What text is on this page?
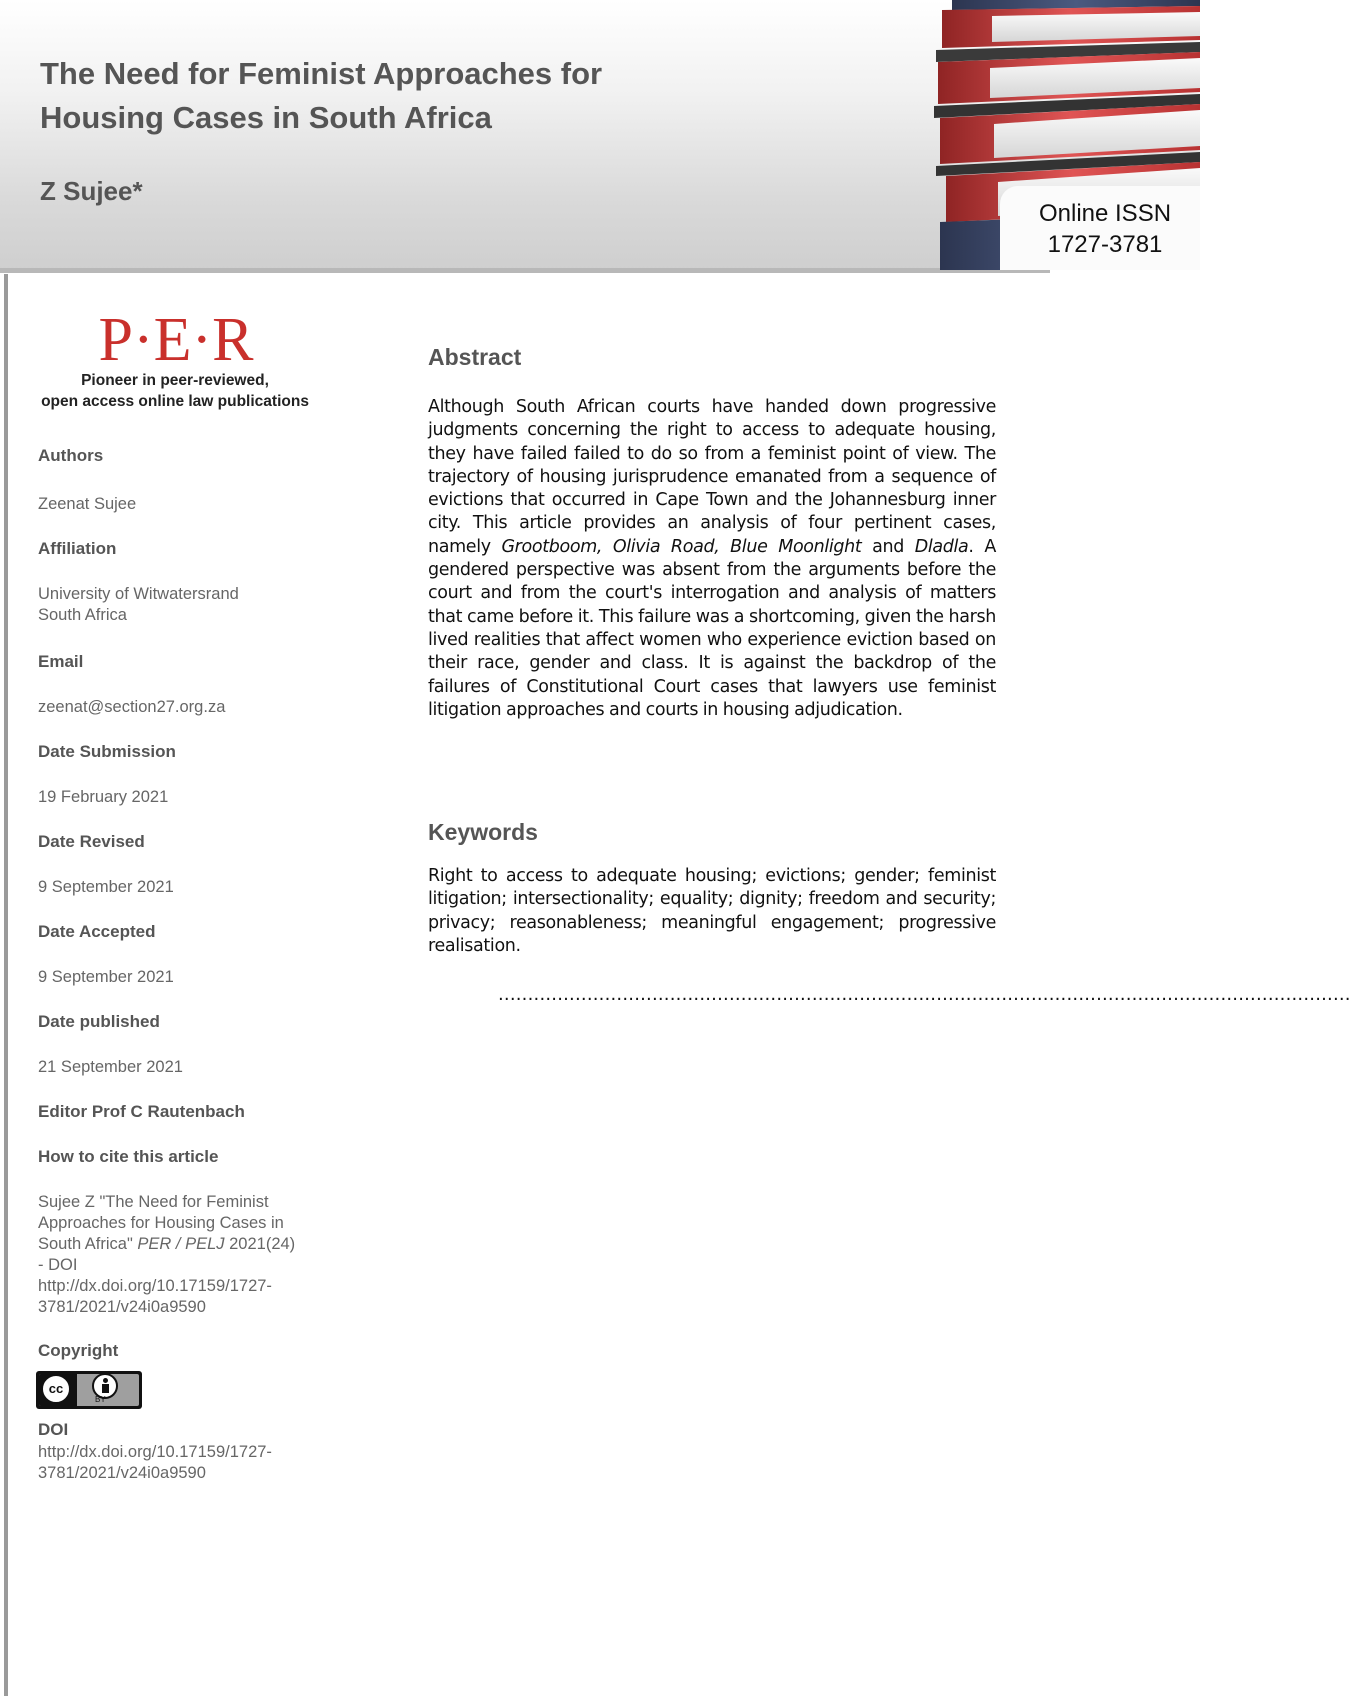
The Need for Feminist Approaches for
Housing Cases in South Africa
Z Sujee*
Online ISSN
1727-3781
P·E·R
Pioneer in peer-reviewed,
open access online law publications
Authors
Zeenat Sujee
Affiliation
University of Witwatersrand
South Africa
Email
zeenat@section27.org.za
Date Submission
19 February 2021
Date Revised
9 September 2021
Date Accepted
9 September 2021
Date published
21 September 2021
Editor Prof C Rautenbach
How to cite this article
Sujee Z "The Need for Feminist
Approaches for Housing Cases in
South Africa" PER / PELJ 2021(24)
- DOI
http://dx.doi.org/10.17159/1727-
3781/2021/v24i0a9590
Copyright
cc
BY
DOI
http://dx.doi.org/10.17159/1727-
3781/2021/v24i0a9590
Abstract

Although South African courts have handed down progressive judgments concerning the right to access to adequate housing, they have failed failed to do so from a feminist point of view. The trajectory of housing jurisprudence emanated from a sequence of evictions that occurred in Cape Town and the Johannesburg inner city. This article provides an analysis of four pertinent cases, namely Grootboom, Olivia Road, Blue Moonlight and Dladla. A gendered perspective was absent from the arguments before the court and from the court's interrogation and analysis of matters that came before it. This failure was a shortcoming, given the harsh lived realities that affect women who experience eviction based on their race, gender and class. It is against the backdrop of the failures of Constitutional Court cases that lawyers use feminist litigation approaches and courts in housing adjudication.

Keywords

Right to access to adequate housing; evictions; gender; feminist litigation; intersectionality; equality; dignity; freedom and security; privacy; reasonableness; meaningful engagement; progressive realisation.

................................................................................................................................................
